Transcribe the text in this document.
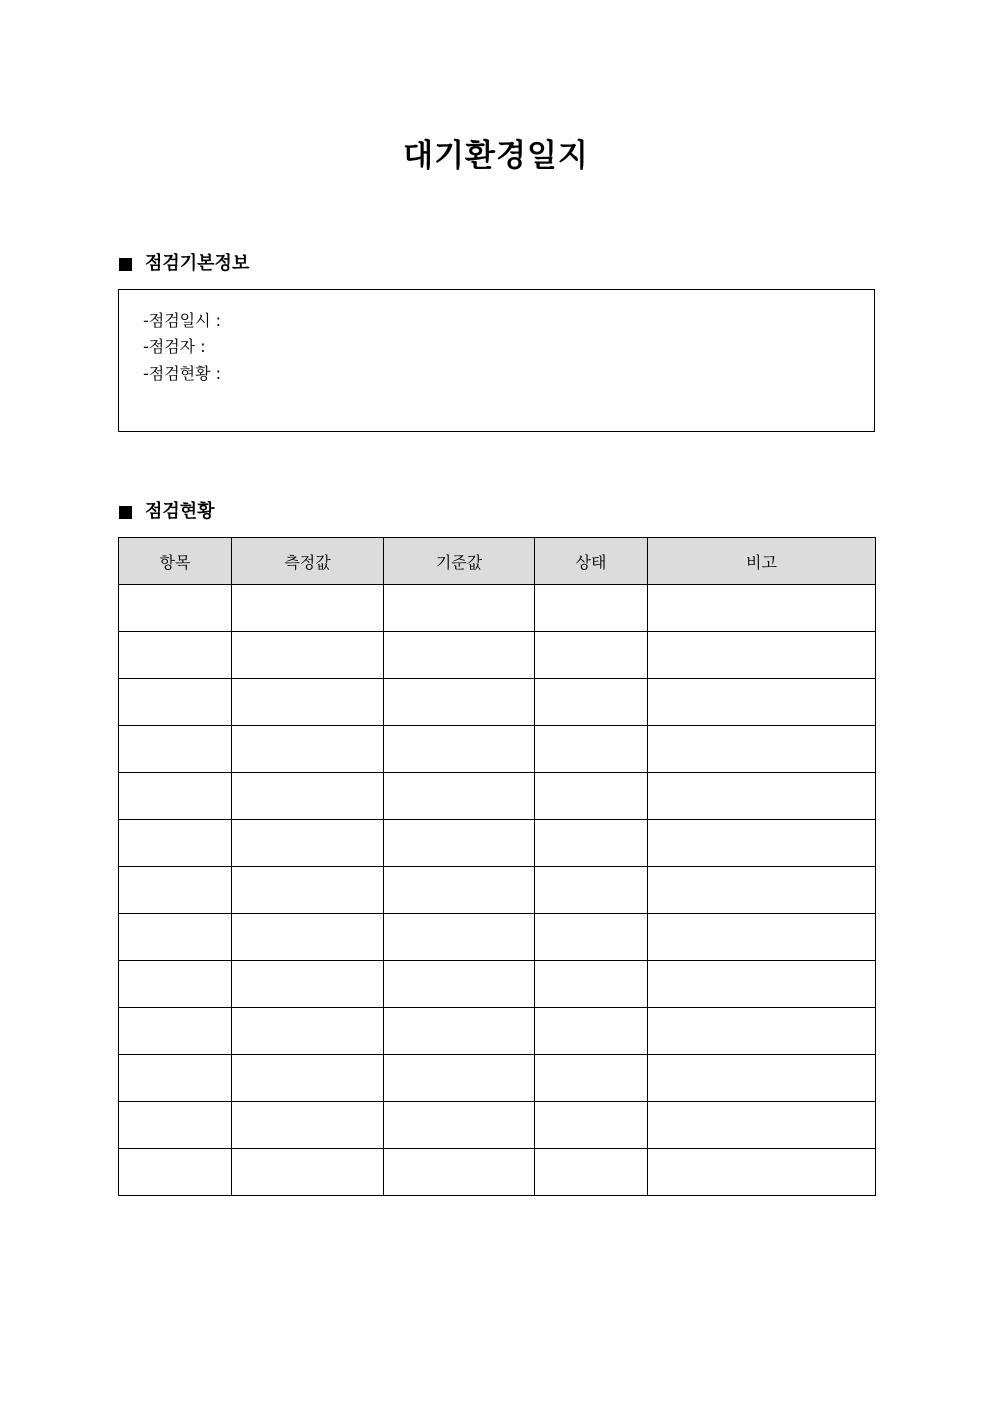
대기환경일지
점검기본정보
-점검일시 :
-점검자 :
-점검현황 :
점검현황
항목	측정값	기준값	상태	비고
